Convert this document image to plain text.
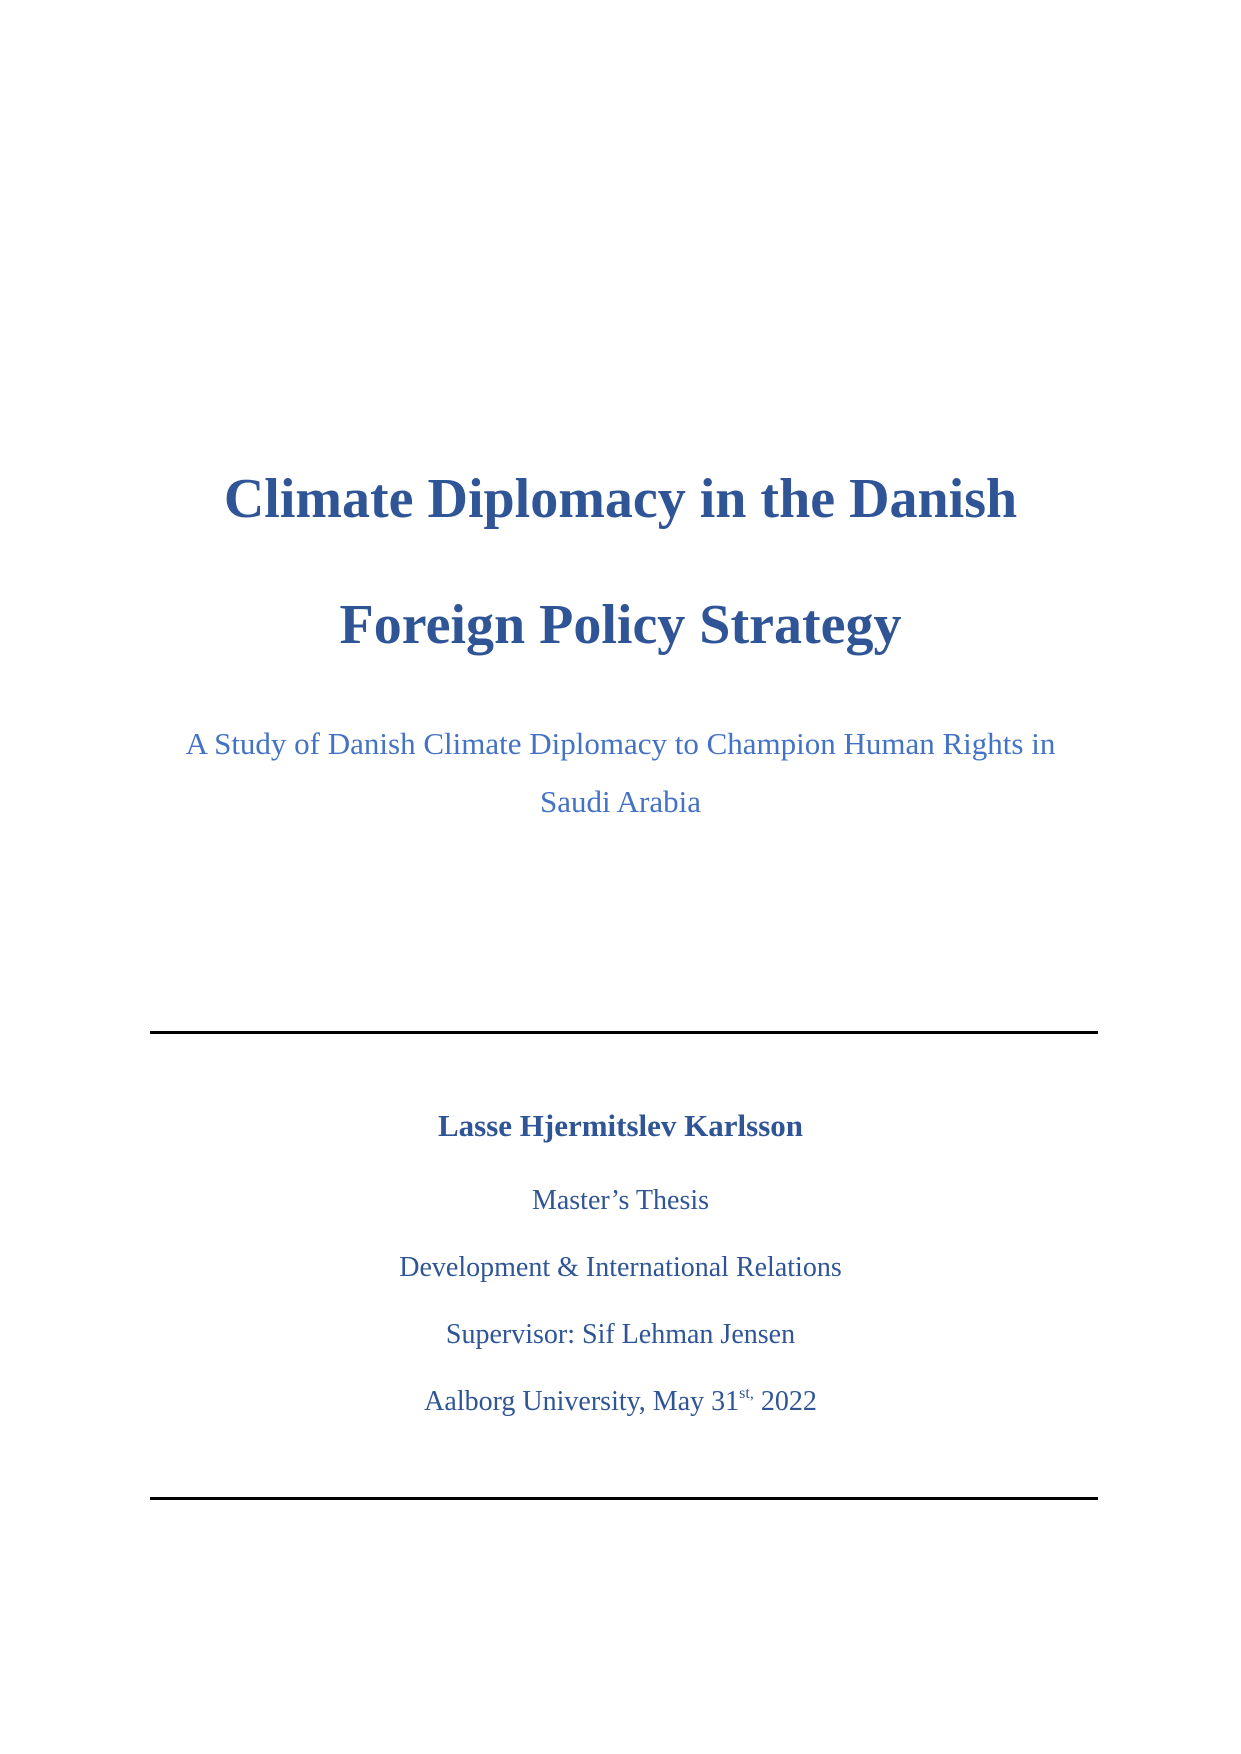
Climate Diplomacy in the Danish
Foreign Policy Strategy
A Study of Danish Climate Diplomacy to Champion Human Rights in
Saudi Arabia
Lasse Hjermitslev Karlsson
Master’s Thesis
Development & International Relations
Supervisor: Sif Lehman Jensen
Aalborg University, May $31^{st,}$ 2022
